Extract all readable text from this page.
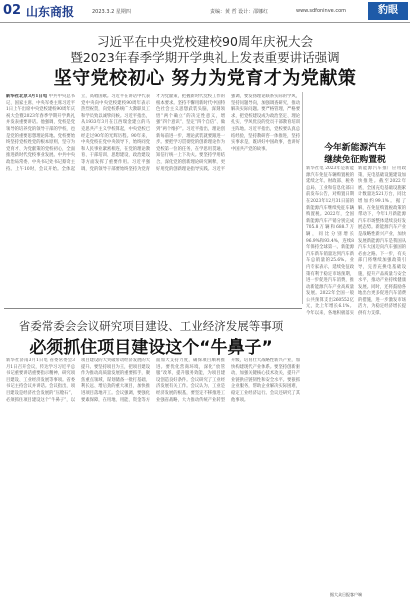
02 山东商报	2023.3.2 星期四	责编：黄 哲 设计：邵娜红	www.sdfoninve.com	豹眼
习近平在中央党校建校90周年庆祝大会
暨2023年春季学期开学典礼上发表重要讲话强调
坚守党校初心 努力为党育才为党献策
新华社北京3月1日电 中共中央总书记、国家主席、中央军委主席习近平1日上午出席中央党校建校90周年庆祝大会暨2023年春季学期开学典礼并发表重要讲话。他强调，党校是党领导的培养党的领导干部的学校，也是党的重要思想理论阵地。党校要始终坚持党校姓党的根本原则，坚守为党育才、为党献策的党校初心，全面推进新时代党校事业发展。中共中央政治局常委、中央书记处书记蔡奇主持。上午10时，会议开始。全体起立，高唱国歌。习近平在讲话中代表党中央向中央党校建校90周年表示热烈祝贺，向党校系统广大教职员工和学员致以诚挚问候。习近平指出，从1933年3月在江西瑞金建立的马克思共产主义学校算起，中央党校已经走过90年的光辉历程。90年来，中央党校在党中央领导下，始终同党和人民事业紧密相连，在党的理论教育、干部培训、思想建设、政治建设等方面发挥了重要作用。习近平强调，党的领导干部要始终坚持为党育才为党献策，把握新时代党校工作的根本要求。坚持不懈用新时代中国特色社会主义思想武装头脑，深刻领悟“两个确立”的决定性意义，增强“四个意识”、坚定“四个自信”、做到“两个维护”。习近平指出，理论创新每前进一步，理论武装就要跟进一步。要把学习贯彻党的创新理论作为党校第一位的任务，在学思用贯通、知信行统一上下功夫。要坚持学用结合，深化党的创新理论研究阐释，更好用党的创新理论指导实践。习近平强调，要发扬理论联系实际的学风，坚持问题导向，加强调查研究，推动解决实际问题。要严格管理，严格要求，把党校建设成为政治坚定、理论扎实、学风优良的党员干部教育培训主阵地。习近平指出，党校要认真总结经验，坚持教研咨一体推进，坚持实事求是，既讲好中国故事，也讲好中国共产党的故事。	今年新能源汽车
继续免征购置税
新华社电 2023年是新能源汽车免征车辆购置税的延续之年。财政部、税务总局、工业和信息化部日前发布公告，对购置日期在2023年12月31日前的新能源汽车继续免征车辆购置税。2022年，全国新能源汽车产销分别完成705.8万辆和688.7万辆，同比分别增长96.9%和93.4%，连续8年保持全球第一。新能源汽车新车销量达到汽车新车总销量的25.6%。业内专家表示，延续免征政策有利于稳定市场预期，进一步促进汽车消费，推动新能源汽车产业高质量发展。2022年全国一般公共预算支出260552亿元，比上年增长6.1%。今年以来，各地积极落实新能源汽车推广应用政策，充电基础设施建设加快推进。截至2022年底，全国充电基础设施累计数量达521万台，同比增加约99.1%。据了解，在免征购置税政策的带动下，今年1月新能源汽车市场整体延续良好发展态势。新能源汽车产业是战略性新兴产业，加快发展新能源汽车是我国从汽车大国迈向汽车强国的必由之路。下一步，有关部门将继续加强政策引导，完善充换电基础设施，提升产品质量与安全水平，推动产业持续健康发展。同时，还将鼓励各地出台更多促进汽车消费的措施，进一步激发市场活力，为稳定经济增长提供有力支撑。
省委常委会会议研究项目建设、工业经济发展等事项
必须抓住项目建设这个“牛鼻子”
新华社济南3月1日电 省委常委会3月1日召开会议，传达学习习近平总书记重要讲话重要指示精神，研究项目建设、工业经济发展等事项。省委书记主持会议并讲话。会议指出，项目建设是经济社会发展的“压舱石”，必须抓住项目建设这个“牛鼻子”，以项目建设的大突破带动经济发展的大提升。要坚持项目为王，把项目建设作为推动高质量发展的重要抓手，聚焦重点领域，谋划储备一批打基础、利长远、增后劲的重大项目，加快推进项目落地开工。会议强调，要强化要素保障，在用地、用能、资金等方面加大支持力度，确保项目顺利推进。要优化营商环境，深化“放管服”改革，提升服务效能，为项目建设创造良好条件。会议研究了工业经济发展有关工作。会议认为，工业是经济发展的根基，要坚定不移推进工业强省战略，大力推动传统产业转型升级，培育壮大战略性新兴产业，加快构建现代产业体系。要坚持创新驱动，加强关键核心技术攻关，提升产业链供应链韧性和安全水平。要狠抓企业服务，帮助企业解决实际困难，稳定工业经济运行。会议还研究了其他事项。
据大众日报客户端
